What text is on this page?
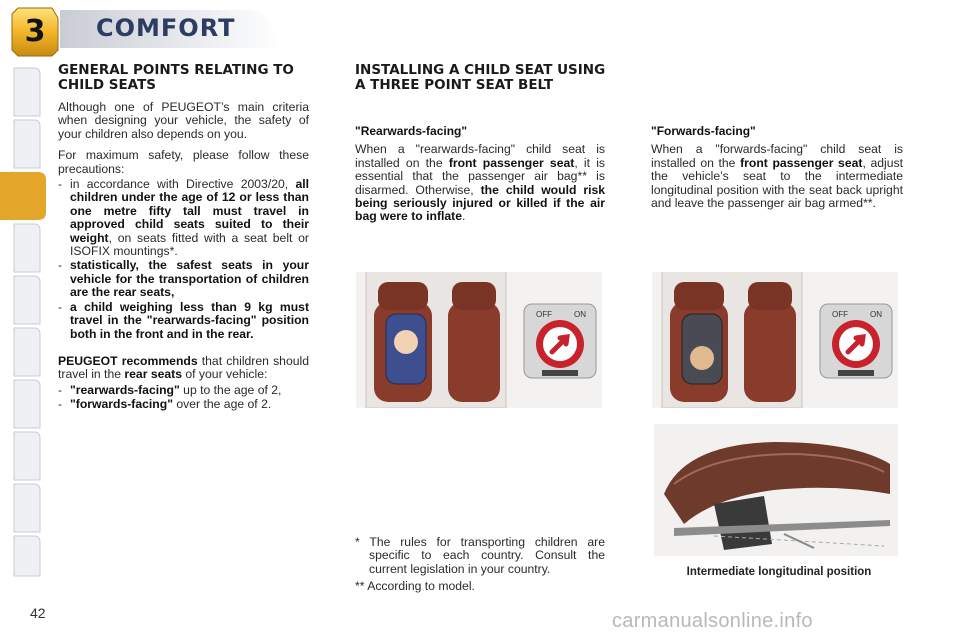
3	COMFORT
GENERAL POINTS RELATING TO CHILD SEATS

Although one of PEUGEOT’s main criteria when designing your vehicle, the safety of your children also depends on you.

For maximum safety, please follow these precautions:

- in accordance with Directive 2003/20, all children under the age of 12 or less than one metre fifty tall must travel in approved child seats suited to their weight, on seats fitted with a seat belt or ISOFIX mountings*.
- statistically, the safest seats in your vehicle for the transportation of children are the rear seats,
- a child weighing less than 9 kg must travel in the "rearwards-facing" position both in the front and in the rear.

PEUGEOT recommends that children should travel in the rear seats of your vehicle:

- "rearwards-facing" up to the age of 2,
- "forwards-facing" over the age of 2.
INSTALLING A CHILD SEAT USING A THREE POINT SEAT BELT
"Rearwards-facing"

When a "rearwards-facing" child seat is installed on the front passenger seat, it is essential that the passenger air bag** is disarmed. Otherwise, the child would risk being seriously injured or killed if the air bag were to inflate.

"Forwards-facing"

When a "forwards-facing" child seat is installed on the front passenger seat, adjust the vehicle’s seat to the intermediate longitudinal position with the seat back upright and leave the passenger air bag armed**.

OFF	ON	OFF	ON
Intermediate longitudinal position

* The rules for transporting children are specific to each country. Consult the current legislation in your country.

** According to model.

42	carmanualsonline.info
